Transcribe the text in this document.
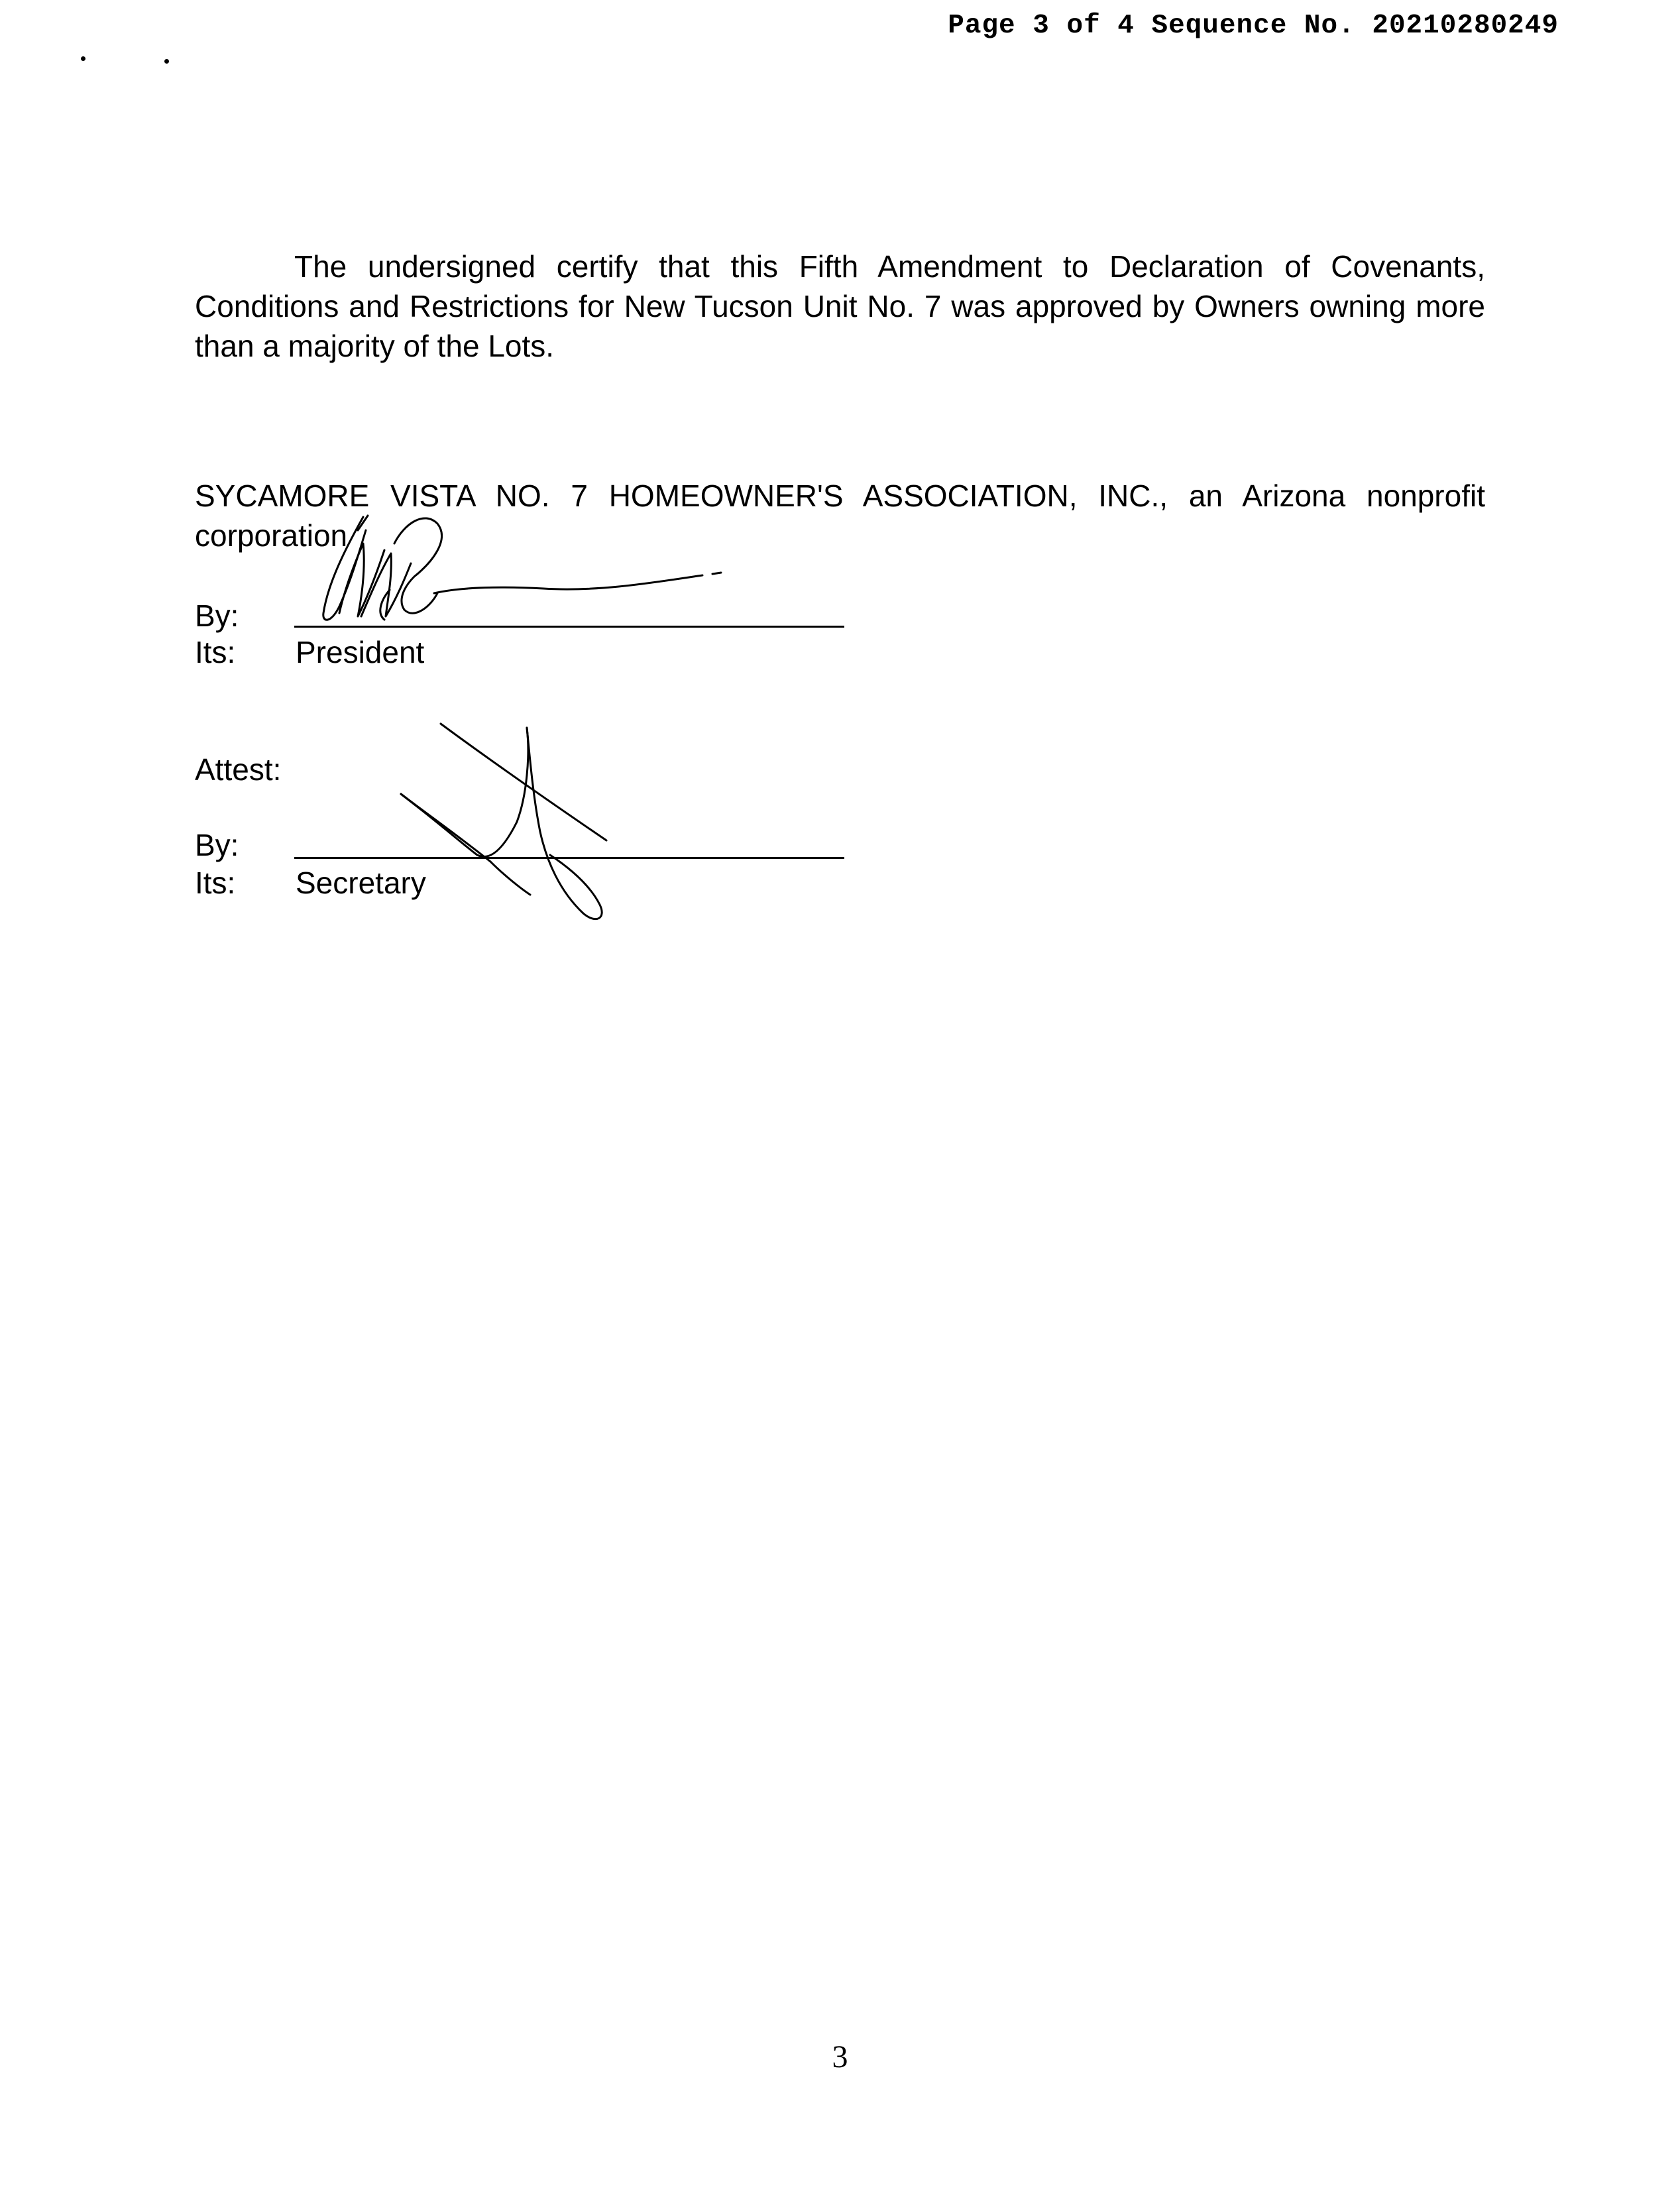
Page 3 of 4 Sequence No. 20210280249
The undersigned certify that this Fifth Amendment to Declaration of Covenants, Conditions and Restrictions for New Tucson Unit No. 7 was approved by Owners owning more than a majority of the Lots.
SYCAMORE VISTA NO. 7 HOMEOWNER'S ASSOCIATION, INC., an Arizona nonprofit corporation
By:
Its: President
Attest:
By:
Its: Secretary
3
